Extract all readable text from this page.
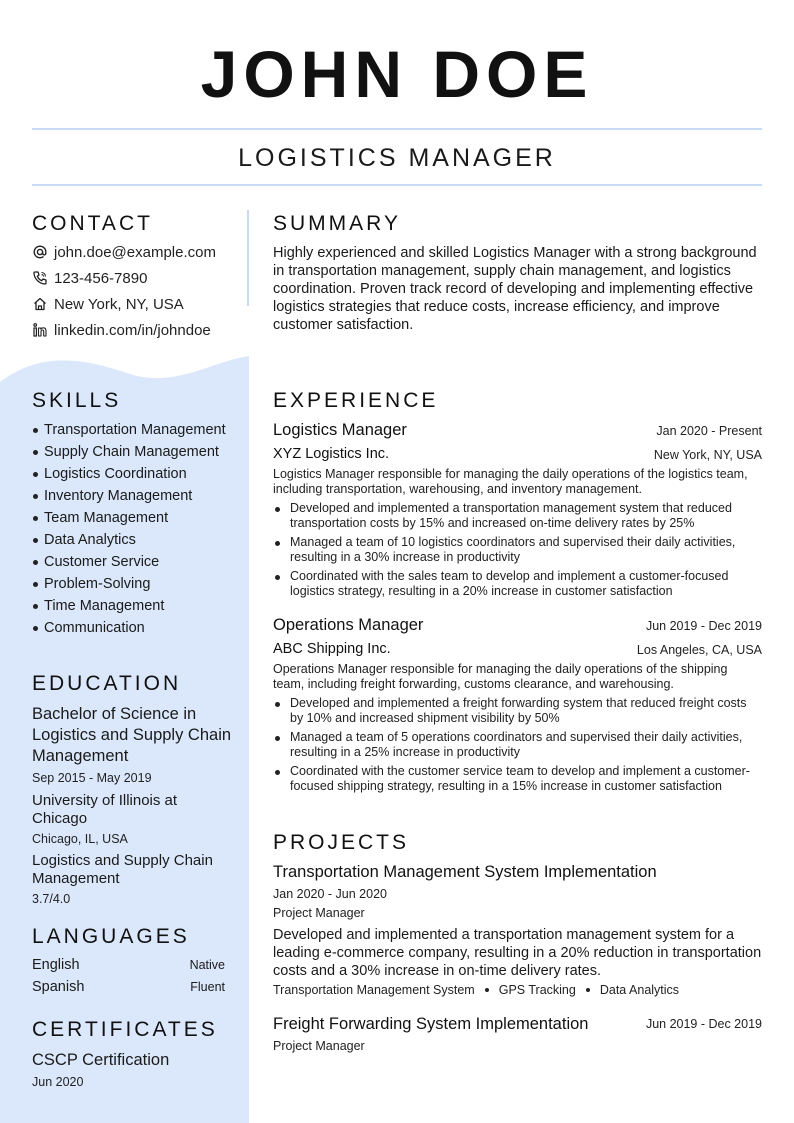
JOHN DOE
LOGISTICS MANAGER
CONTACT
john.doe@example.com
123-456-7890
New York, NY, USA
linkedin.com/in/johndoe
SKILLS
Transportation Management
Supply Chain Management
Logistics Coordination
Inventory Management
Team Management
Data Analytics
Customer Service
Problem-Solving
Time Management
Communication
EDUCATION
Bachelor of Science in Logistics and Supply Chain Management
Sep 2015 - May 2019
University of Illinois at Chicago
Chicago, IL, USA
Logistics and Supply Chain Management
3.7/4.0
LANGUAGES
English	Native
Spanish	Fluent
CERTIFICATES
CSCP Certification
Jun 2020
SUMMARY
Highly experienced and skilled Logistics Manager with a strong background in transportation management, supply chain management, and logistics coordination. Proven track record of developing and implementing effective logistics strategies that reduce costs, increase efficiency, and improve customer satisfaction.
EXPERIENCE
Logistics Manager	Jan 2020 - Present
XYZ Logistics Inc.	New York, NY, USA
Logistics Manager responsible for managing the daily operations of the logistics team, including transportation, warehousing, and inventory management.
Developed and implemented a transportation management system that reduced transportation costs by 15% and increased on-time delivery rates by 25%
Managed a team of 10 logistics coordinators and supervised their daily activities, resulting in a 30% increase in productivity
Coordinated with the sales team to develop and implement a customer-focused logistics strategy, resulting in a 20% increase in customer satisfaction
Operations Manager	Jun 2019 - Dec 2019
ABC Shipping Inc.	Los Angeles, CA, USA
Operations Manager responsible for managing the daily operations of the shipping team, including freight forwarding, customs clearance, and warehousing.
Developed and implemented a freight forwarding system that reduced freight costs by 10% and increased shipment visibility by 50%
Managed a team of 5 operations coordinators and supervised their daily activities, resulting in a 25% increase in productivity
Coordinated with the customer service team to develop and implement a customer-focused shipping strategy, resulting in a 15% increase in customer satisfaction
PROJECTS
Transportation Management System Implementation
Jan 2020 - Jun 2020
Project Manager
Developed and implemented a transportation management system for a leading e-commerce company, resulting in a 20% reduction in transportation costs and a 30% increase in on-time delivery rates.
Transportation Management System GPS Tracking Data Analytics
Freight Forwarding System Implementation	Jun 2019 - Dec 2019
Project Manager
